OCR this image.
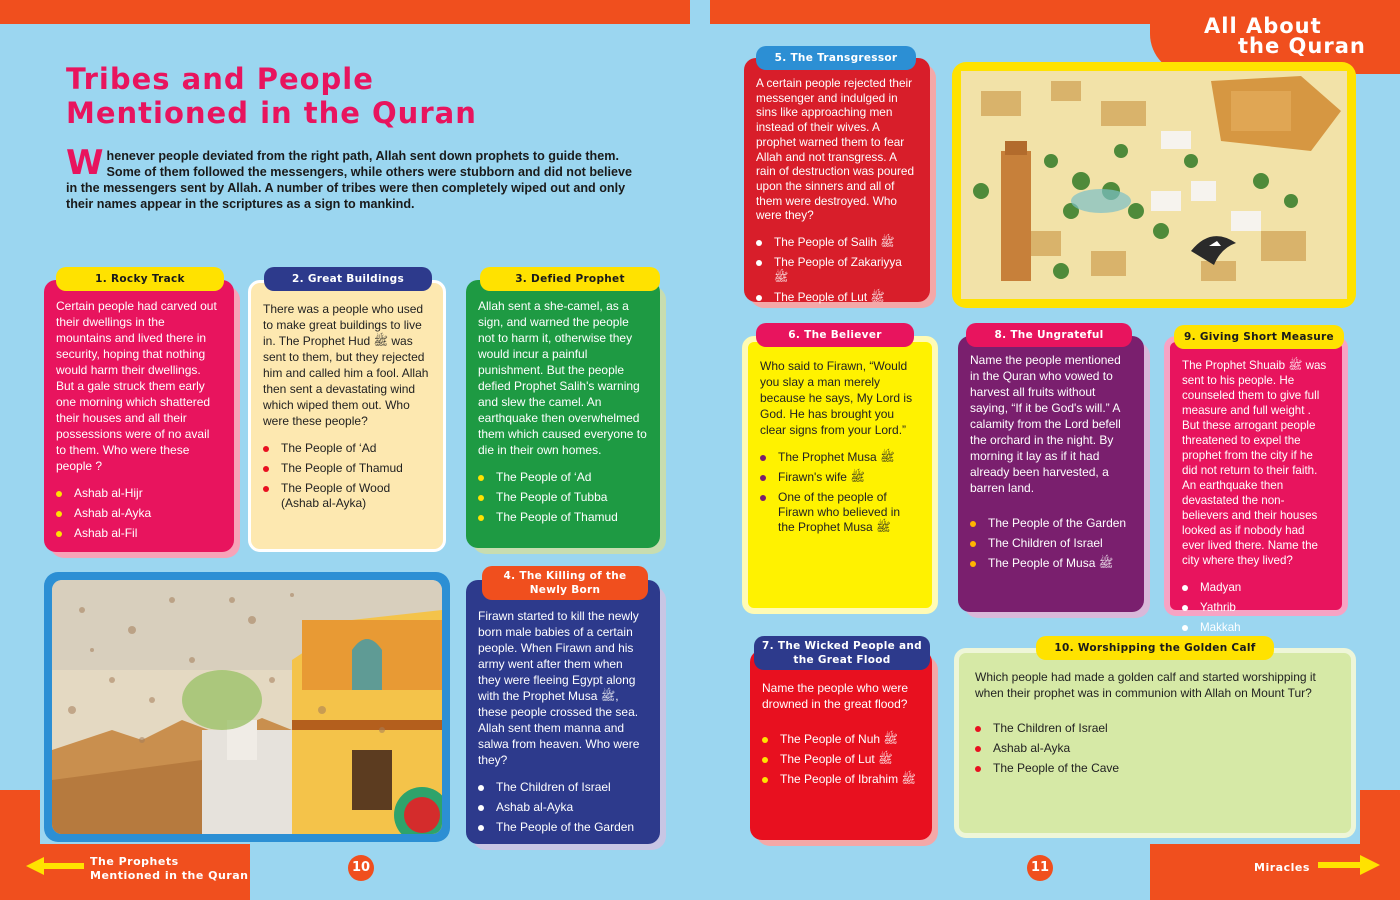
All About
the Quran
Tribes and People
Mentioned in the Quran
Whenever people deviated from the right path, Allah sent down prophets to guide them. Some of them followed the messengers, while others were stubborn and did not believe in the messengers sent by Allah. A number of tribes were then completely wiped out and only their names appear in the scriptures as a sign to mankind.
Certain people had carved out their dwellings in the mountains and lived there in security, hoping that nothing would harm their dwellings. But a gale struck them early one morning which shattered their houses and all their possessions were of no avail to them. Who were these people ?
Ashab al-Hijr
Ashab al-Ayka
Ashab al-Fil
1. Rocky Track
There was a people who used to make great buildings to live in. The Prophet Hud ﷺ was sent to them, but they rejected him and called him a fool. Allah then sent a devastating wind which wiped them out. Who were these people?
The People of ‘Ad
The People of Thamud
The People of Wood (Ashab al-Ayka)
2. Great Buildings
Allah sent a she-camel, as a sign, and warned the people not to harm it, otherwise they would incur a painful punishment. But the people defied Prophet Salih's warning and slew the camel. An earthquake then overwhelmed them which caused everyone to die in their own homes.
The People of ‘Ad
The People of Tubba
The People of Thamud
3. Defied Prophet
Firawn started to kill the newly born male babies of a certain people. When Firawn and his army went after them when they were fleeing Egypt along with the Prophet Musa ﷺ, these people crossed the sea. Allah sent them manna and salwa from heaven. Who were they?
The Children of Israel
Ashab al-Ayka
The People of the Garden
4. The Killing of the
Newly Born
A certain people rejected their messenger and indulged in sins like approaching men instead of their wives. A prophet warned them to fear Allah and not transgress. A rain of destruction was poured upon the sinners and all of them were destroyed. Who were they?
The People of Salih ﷺ
The People of Zakariyya ﷺ
The People of Lut ﷺ
5. The Transgressor
Who said to Firawn, “Would you slay a man merely because he says, My Lord is God. He has brought you clear signs from your Lord.”
The Prophet Musa ﷺ
Firawn's wife ﷺ
One of the people of Firawn who believed in the Prophet Musa ﷺ
6. The Believer
Name the people who were drowned in the great flood?
The People of Nuh ﷺ
The People of Lut ﷺ
The People of Ibrahim ﷺ
7. The Wicked People and
the Great Flood
Name the people mentioned in the Quran who vowed to harvest all fruits without saying, “If it be God's will.” A calamity from the Lord befell the orchard in the night. By morning it lay as if it had already been harvested, a barren land.
The People of the Garden
The Children of Israel
The People of Musa ﷺ
8. The Ungrateful
The Prophet Shuaib ﷺ was sent to his people. He counseled them to give full measure and full weight . But these arrogant people threatened to expel the prophet from the city if he did not return to their faith. An earthquake then devastated the non-believers and their houses looked as if nobody had ever lived there. Name the city where they lived?
Madyan
Yathrib
Makkah
9. Giving Short Measure
Which people had made a golden calf and started worshipping it when their prophet was in communion with Allah on Mount Tur?
The Children of Israel
Ashab al-Ayka
The People of the Cave
10. Worshipping the Golden Calf
The Prophets
Mentioned in the Quran
10	11	Miracles
